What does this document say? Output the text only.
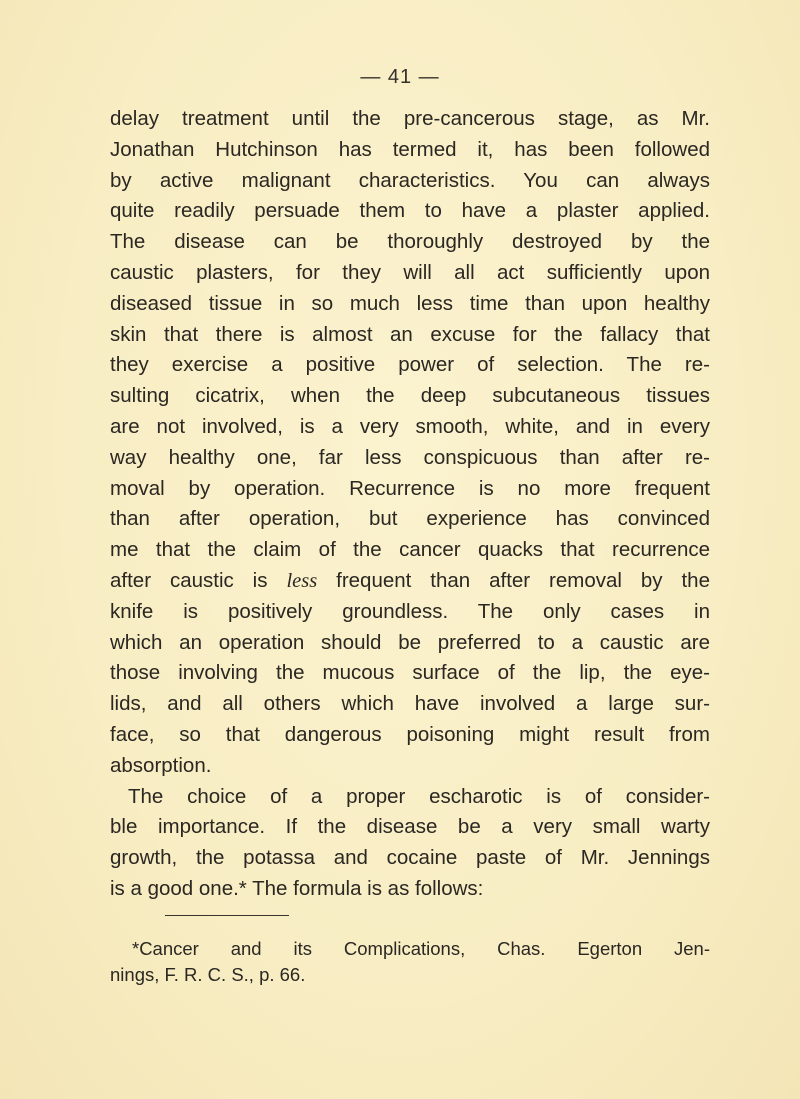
— 41 —
delay treatment until the pre-cancerous stage, as Mr.
Jonathan Hutchinson has termed it, has been followed
by active malignant characteristics. You can always
quite readily persuade them to have a plaster applied.
The disease can be thoroughly destroyed by the
caustic plasters, for they will all act sufficiently upon
diseased tissue in so much less time than upon healthy
skin that there is almost an excuse for the fallacy that
they exercise a positive power of selection. The re-
sulting cicatrix, when the deep subcutaneous tissues
are not involved, is a very smooth, white, and in every
way healthy one, far less conspicuous than after re-
moval by operation. Recurrence is no more frequent
than after operation, but experience has convinced
me that the claim of the cancer quacks that recurrence
after caustic is less frequent than after removal by the
knife is positively groundless. The only cases in
which an operation should be preferred to a caustic are
those involving the mucous surface of the lip, the eye-
lids, and all others which have involved a large sur-
face, so that dangerous poisoning might result from
absorption.
The choice of a proper escharotic is of consider-
ble importance. If the disease be a very small warty
growth, the potassa and cocaine paste of Mr. Jennings
is a good one.* The formula is as follows:
*Cancer and its Complications, Chas. Egerton Jen-
nings, F. R. C. S., p. 66.
